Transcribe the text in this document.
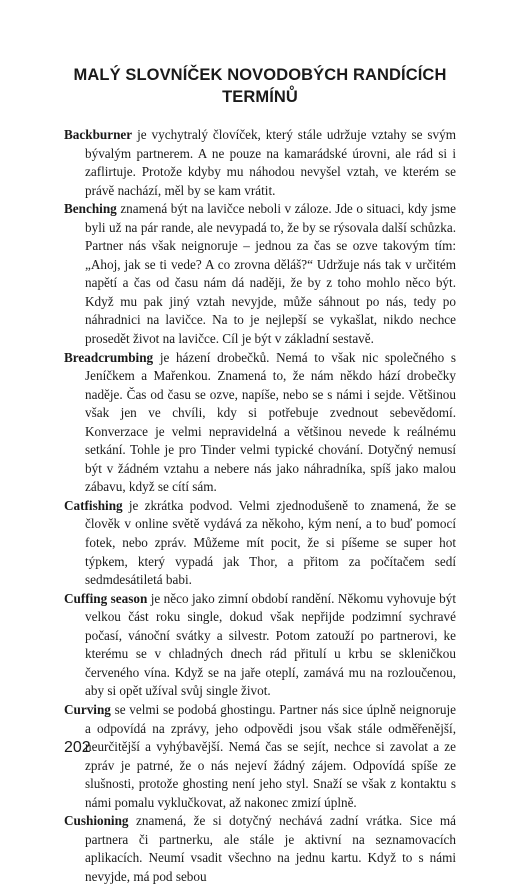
MALÝ SLOVNÍČEK NOVODOBÝCH RANDÍCÍCH TERMÍNŮ

Backburner je vychytralý človíček, který stále udržuje vztahy se svým bývalým partnerem. A ne pouze na kamarádské úrovni, ale rád si i zaflirtuje. Protože kdyby mu náhodou nevyšel vztah, ve kterém se právě nachází, měl by se kam vrátit.

Benching znamená být na lavičce neboli v záloze. Jde o situaci, kdy jsme byli už na pár rande, ale nevypadá to, že by se rýsovala další schůzka. Partner nás však neignoruje – jednou za čas se ozve takovým tím: „Ahoj, jak se ti vede? A co zrovna děláš?“ Udržuje nás tak v určitém napětí a čas od času nám dá naději, že by z toho mohlo něco být. Když mu pak jiný vztah nevyjde, může sáhnout po nás, tedy po náhradnici na lavičce. Na to je nejlepší se vykašlat, nikdo nechce prosedět život na lavičce. Cíl je být v základní sestavě.

Breadcrumbing je házení drobečků. Nemá to však nic společného s Jeníčkem a Mařenkou. Znamená to, že nám někdo hází drobečky naděje. Čas od času se ozve, napíše, nebo se s námi i sejde. Většinou však jen ve chvíli, kdy si potřebuje zvednout sebevědomí. Konverzace je velmi nepravidelná a většinou nevede k reálnému setkání. Tohle je pro Tinder velmi typické chování. Dotyčný nemusí být v žádném vztahu a nebere nás jako náhradníka, spíš jako malou zábavu, když se cítí sám.

Catfishing je zkrátka podvod. Velmi zjednodušeně to znamená, že se člověk v online světě vydává za někoho, kým není, a to buď pomocí fotek, nebo zpráv. Můžeme mít pocit, že si píšeme se super hot týpkem, který vypadá jak Thor, a přitom za počítačem sedí sedmdesátiletá babi.

Cuffing season je něco jako zimní období randění. Někomu vyhovuje být velkou část roku single, dokud však nepřijde podzimní sychravé počasí, vánoční svátky a silvestr. Potom zatouží po partnerovi, ke kterému se v chladných dnech rád přitulí u krbu se skleničkou červeného vína. Když se na jaře oteplí, zamává mu na rozloučenou, aby si opět užíval svůj single život.

Curving se velmi se podobá ghostingu. Partner nás sice úplně neignoruje a odpovídá na zprávy, jeho odpovědi jsou však stále odměřenější, neurčitější a vyhýbavější. Nemá čas se sejít, nechce si zavolat a ze zpráv je patrné, že o nás nejeví žádný zájem. Odpovídá spíše ze slušnosti, protože ghosting není jeho styl. Snaží se však z kontaktu s námi pomalu vyklučkovat, až nakonec zmizí úplně.

Cushioning znamená, že si dotyčný nechává zadní vrátka. Sice má partnera či partnerku, ale stále je aktivní na seznamovacích aplikacích. Neumí vsadit všechno na jednu kartu. Když to s námi nevyjde, má pod sebou

202
